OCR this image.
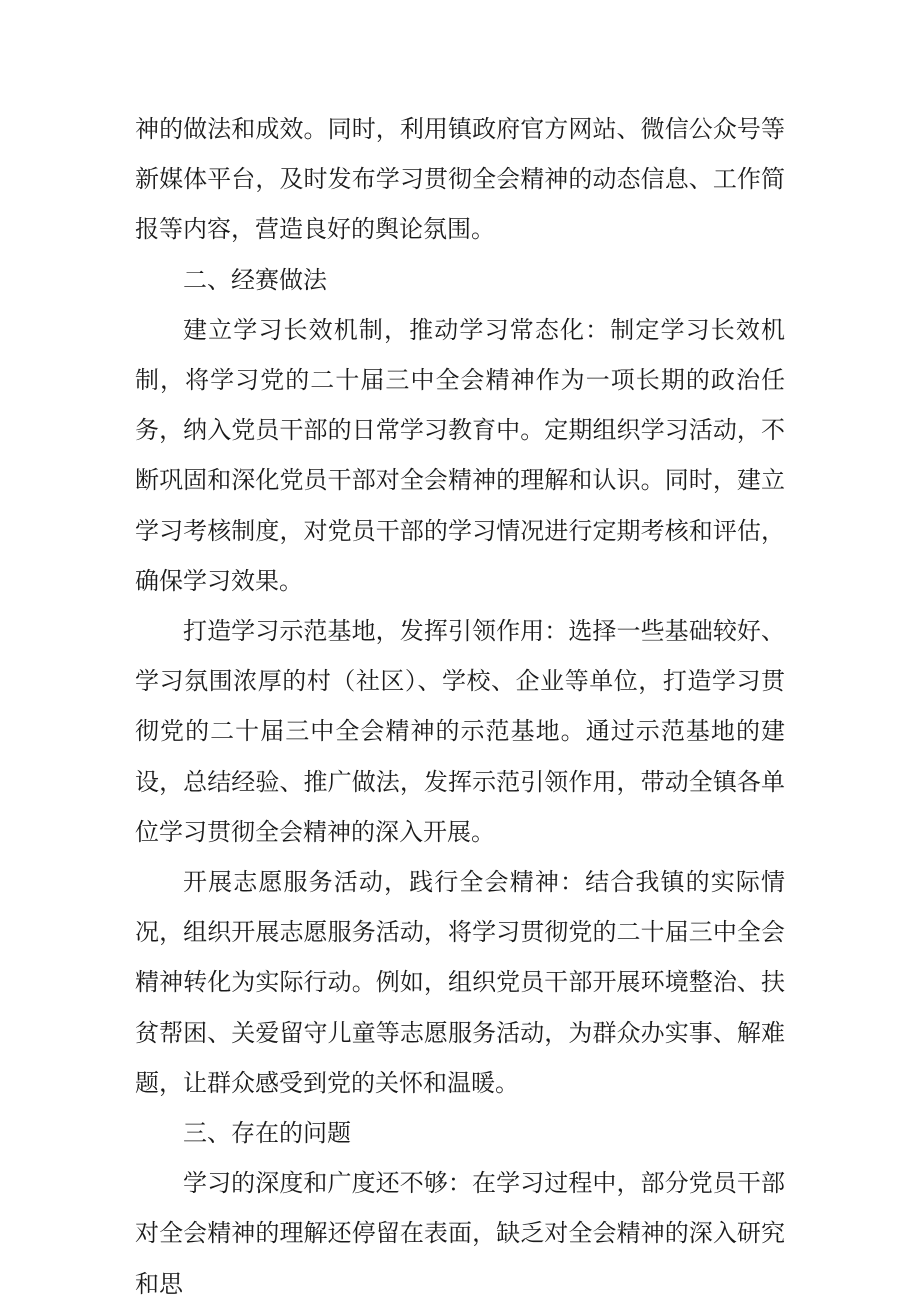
神的做法和成效。同时，利用镇政府官方网站、微信公众号等新媒体平台，及时发布学习贯彻全会精神的动态信息、工作简报等内容，营造良好的舆论氛围。

二、经赛做法

建立学习长效机制，推动学习常态化：制定学习长效机制，将学习党的二十届三中全会精神作为一项长期的政治任务，纳入党员干部的日常学习教育中。定期组织学习活动，不断巩固和深化党员干部对全会精神的理解和认识。同时，建立学习考核制度，对党员干部的学习情况进行定期考核和评估，确保学习效果。

打造学习示范基地，发挥引领作用：选择一些基础较好、学习氛围浓厚的村（社区）、学校、企业等单位，打造学习贯彻党的二十届三中全会精神的示范基地。通过示范基地的建设，总结经验、推广做法，发挥示范引领作用，带动全镇各单位学习贯彻全会精神的深入开展。

开展志愿服务活动，践行全会精神：结合我镇的实际情况，组织开展志愿服务活动，将学习贯彻党的二十届三中全会精神转化为实际行动。例如，组织党员干部开展环境整治、扶贫帮困、关爱留守儿童等志愿服务活动，为群众办实事、解难题，让群众感受到党的关怀和温暖。

三、存在的问题

学习的深度和广度还不够：在学习过程中，部分党员干部对全会精神的理解还停留在表面，缺乏对全会精神的深入研究和思
